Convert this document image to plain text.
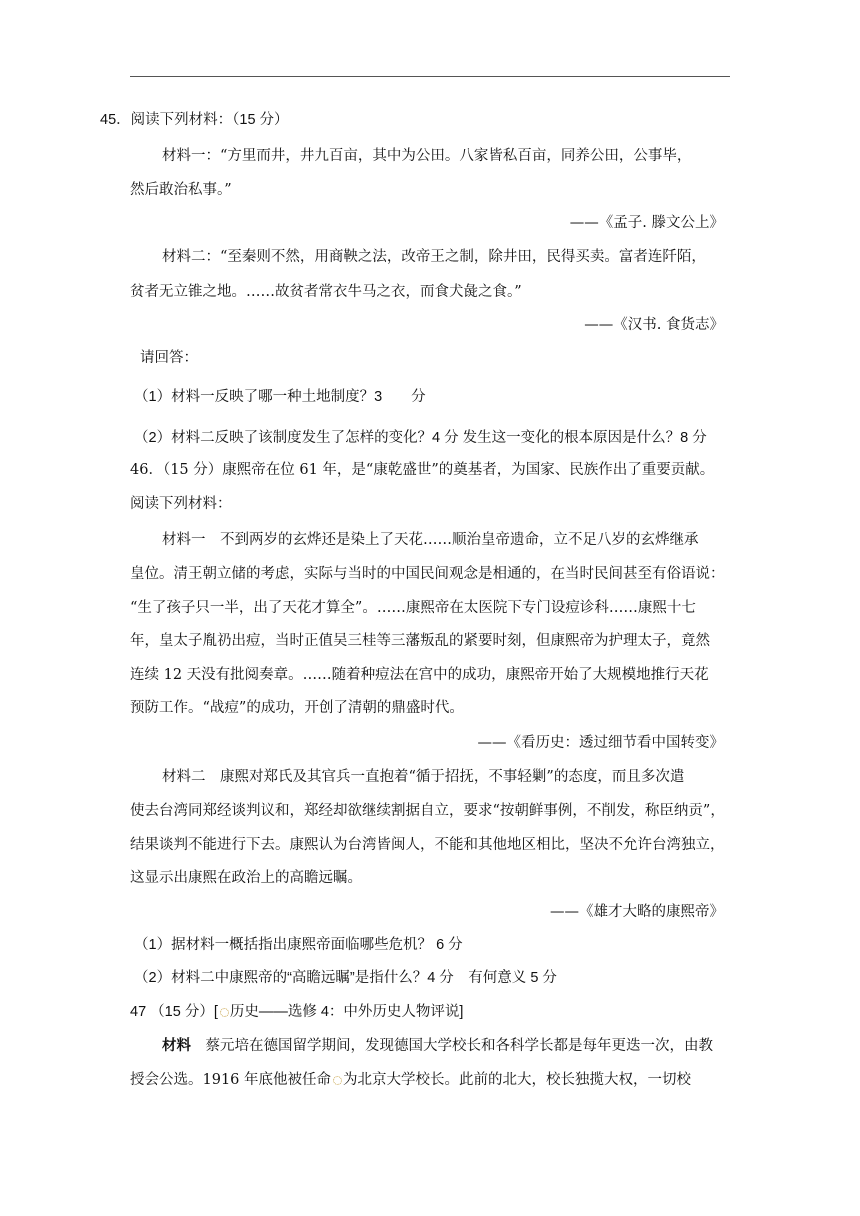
45．阅读下列材料：（15 分）
材料一：“方里而井，井九百亩，其中为公田。八家皆私百亩，同养公田，公事毕，
然后敢治私事。”
——《孟子. 滕文公上》
材料二：“至秦则不然，用商鞅之法，改帝王之制，除井田，民得买卖。富者连阡陌，
贫者无立锥之地。……故贫者常衣牛马之衣，而食犬彘之食。”
——《汉书. 食货志》
请回答：
（1）材料一反映了哪一种土地制度？3　　分
（2）材料二反映了该制度发生了怎样的变化？4 分 发生这一变化的根本原因是什么？8 分
46．（15 分）康熙帝在位 61 年，是“康乾盛世”的奠基者，为国家、民族作出了重要贡献。
阅读下列材料：
材料一　不到两岁的玄烨还是染上了天花……顺治皇帝遗命，立不足八岁的玄烨继承
皇位。清王朝立储的考虑，实际与当时的中国民间观念是相通的，在当时民间甚至有俗语说：
“生了孩子只一半，出了天花才算全”。……康熙帝在太医院下专门设痘诊科……康熙十七
年，皇太子胤礽出痘，当时正值吴三桂等三藩叛乱的紧要时刻，但康熙帝为护理太子，竟然
连续 12 天没有批阅奏章。……随着种痘法在宫中的成功，康熙帝开始了大规模地推行天花
预防工作。“战痘”的成功，开创了清朝的鼎盛时代。
——《看历史：透过细节看中国转变》
材料二　康熙对郑氏及其官兵一直抱着“循于招抚，不事轻剿”的态度，而且多次遣
使去台湾同郑经谈判议和，郑经却欲继续割据自立，要求“按朝鲜事例，不削发，称臣纳贡”，
结果谈判不能进行下去。康熙认为台湾皆闽人，不能和其他地区相比，坚决不允许台湾独立，
这显示出康熙在政治上的高瞻远瞩。
——《雄才大略的康熙帝》
（1）据材料一概括指出康熙帝面临哪些危机？ 6 分
（2）材料二中康熙帝的“高瞻远瞩”是指什么？4 分　有何意义 5 分
47 （15 分）[ 历史——选修 4：中外历史人物评说]
材料　蔡元培在德国留学期间，发现德国大学校长和各科学长都是每年更迭一次，由教
授会公选。1916 年底他被任命 为北京大学校长。此前的北大，校长独揽大权，一切校
